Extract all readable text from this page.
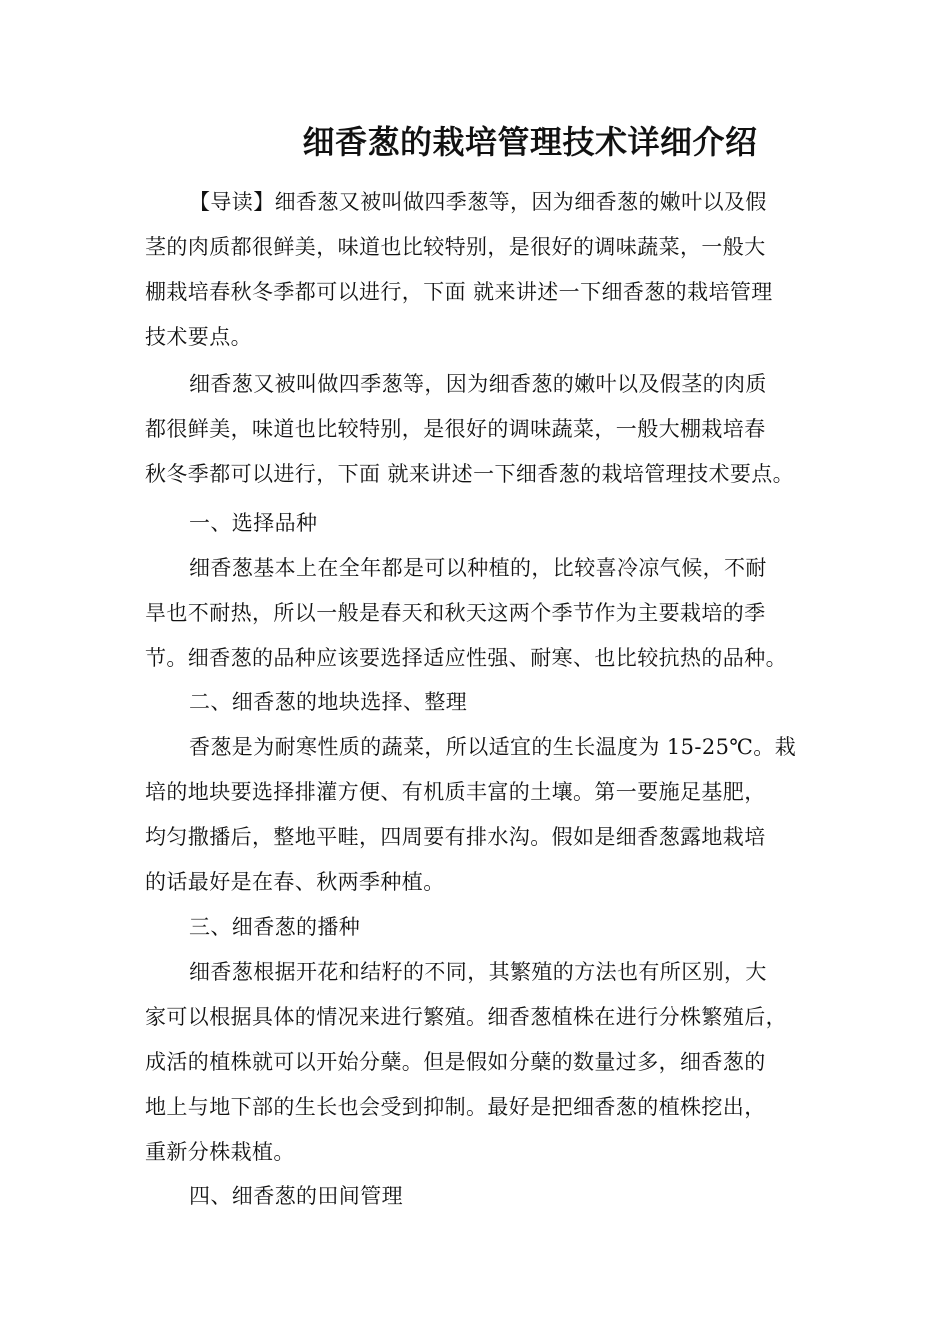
细香葱的栽培管理技术详细介绍
【导读】细香葱又被叫做四季葱等，因为细香葱的嫩叶以及假
茎的肉质都很鲜美，味道也比较特别，是很好的调味蔬菜，一般大
棚栽培春秋冬季都可以进行，下面 就来讲述一下细香葱的栽培管理
技术要点。
细香葱又被叫做四季葱等，因为细香葱的嫩叶以及假茎的肉质
都很鲜美，味道也比较特别，是很好的调味蔬菜，一般大棚栽培春
秋冬季都可以进行，下面 就来讲述一下细香葱的栽培管理技术要点。
一、选择品种
细香葱基本上在全年都是可以种植的，比较喜冷凉气候，不耐
旱也不耐热，所以一般是春天和秋天这两个季节作为主要栽培的季
节。细香葱的品种应该要选择适应性强、耐寒、也比较抗热的品种。
二、细香葱的地块选择、整理
香葱是为耐寒性质的蔬菜，所以适宜的生长温度为 15-25℃。栽
培的地块要选择排灌方便、有机质丰富的土壤。第一要施足基肥，
均匀撒播后，整地平畦，四周要有排水沟。假如是细香葱露地栽培
的话最好是在春、秋两季种植。
三、细香葱的播种
细香葱根据开花和结籽的不同，其繁殖的方法也有所区别，大
家可以根据具体的情况来进行繁殖。细香葱植株在进行分株繁殖后，
成活的植株就可以开始分蘖。但是假如分蘖的数量过多，细香葱的
地上与地下部的生长也会受到抑制。最好是把细香葱的植株挖出，
重新分株栽植。
四、细香葱的田间管理
